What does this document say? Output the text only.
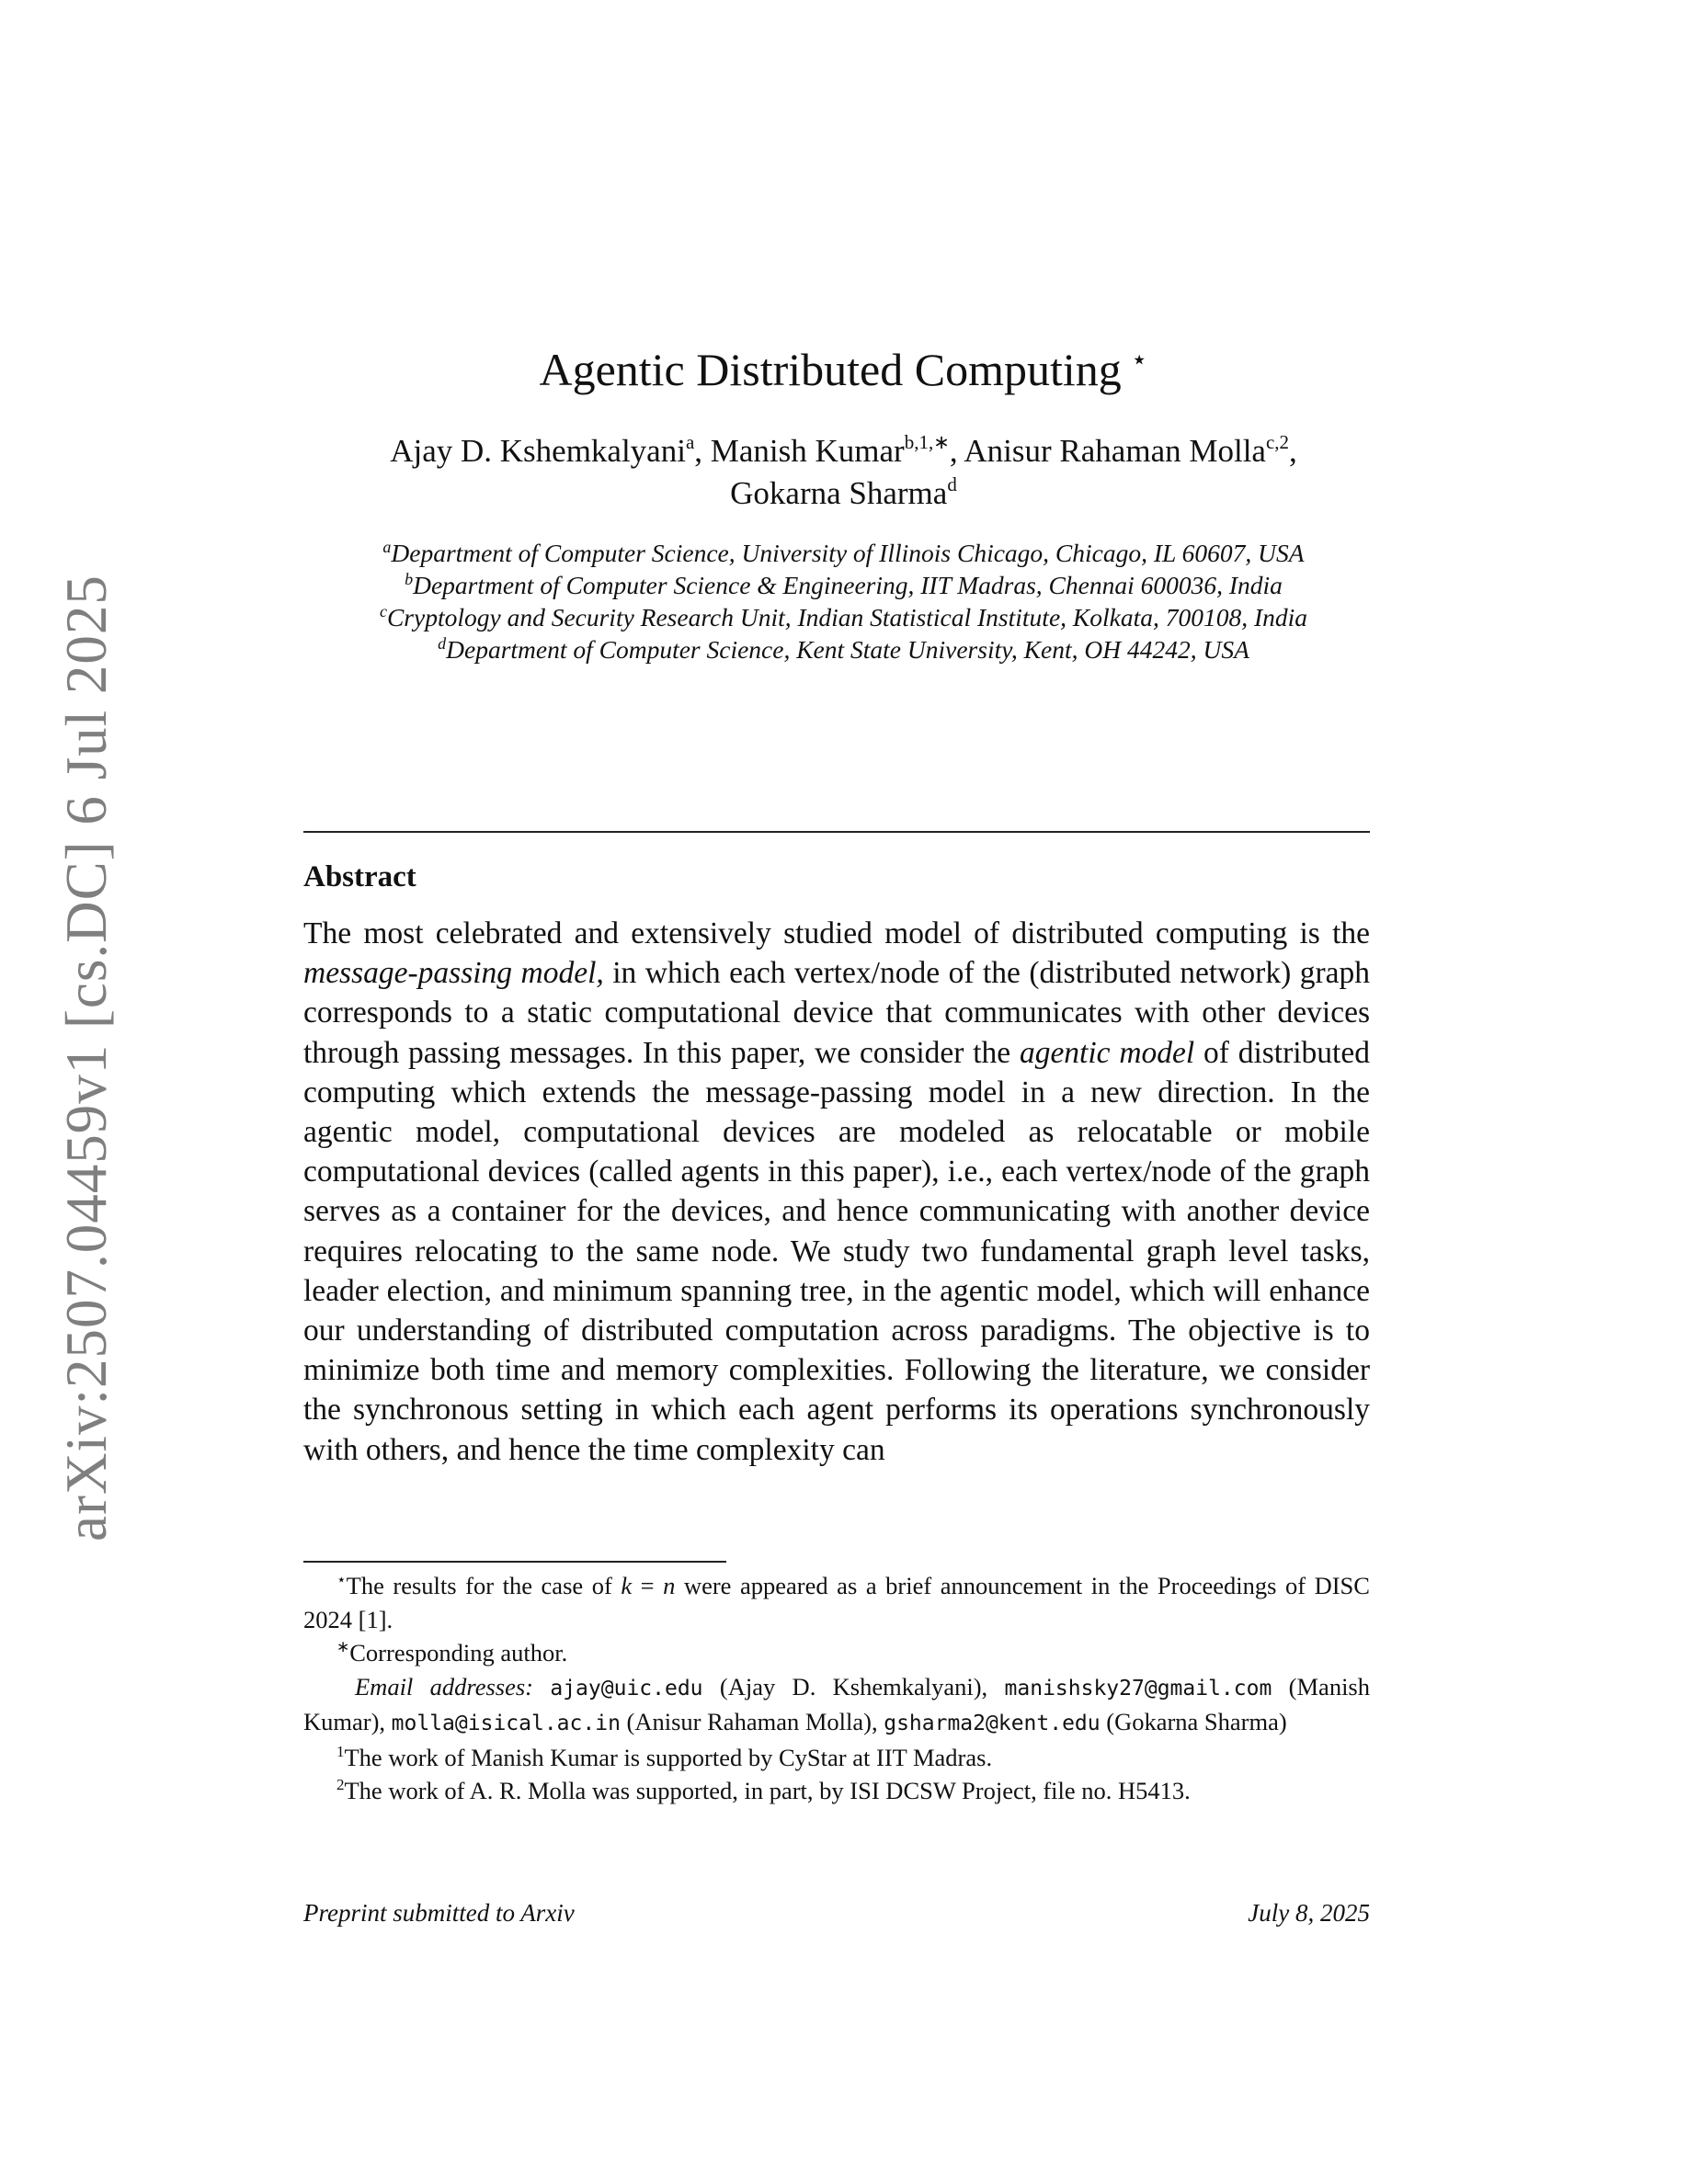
arXiv:2507.04459v1 [cs.DC] 6 Jul 2025
Agentic Distributed Computing ⋆
Ajay D. Kshemkalyani$^a$, Manish Kumar$^{b,1,∗}$, Anisur Rahaman Molla$^{c,2}$,
Gokarna Sharma$^d$
$^a$Department of Computer Science, University of Illinois Chicago, Chicago, IL 60607, USA
$^b$Department of Computer Science & Engineering, IIT Madras, Chennai 600036, India
$^c$Cryptology and Security Research Unit, Indian Statistical Institute, Kolkata, 700108, India
$^d$Department of Computer Science, Kent State University, Kent, OH 44242, USA
Abstract
The most celebrated and extensively studied model of distributed computing is the message-passing model, in which each vertex/node of the (distributed network) graph corresponds to a static computational device that communicates with other devices through passing messages. In this paper, we consider the agentic model of distributed computing which extends the message-passing model in a new direction. In the agentic model, computational devices are modeled as relocatable or mobile computational devices (called agents in this paper), i.e., each vertex/node of the graph serves as a container for the devices, and hence communicating with another device requires relocating to the same node. We study two fundamental graph level tasks, leader election, and minimum spanning tree, in the agentic model, which will enhance our understanding of distributed computation across paradigms. The objective is to minimize both time and memory complexities. Following the literature, we consider the synchronous setting in which each agent performs its operations synchronously with others, and hence the time complexity can

⋆The results for the case of k = n were appeared as a brief announcement in the Proceedings of DISC 2024 [1].

∗Corresponding author.

Email addresses: ajay@uic.edu (Ajay D. Kshemkalyani), manishsky27@gmail.com (Manish Kumar), molla@isical.ac.in (Anisur Rahaman Molla), gsharma2@kent.edu (Gokarna Sharma)

$^1$The work of Manish Kumar is supported by CyStar at IIT Madras.

$^2$The work of A. R. Molla was supported, in part, by ISI DCSW Project, file no. H5413.

Preprint submitted to Arxiv	July 8, 2025
